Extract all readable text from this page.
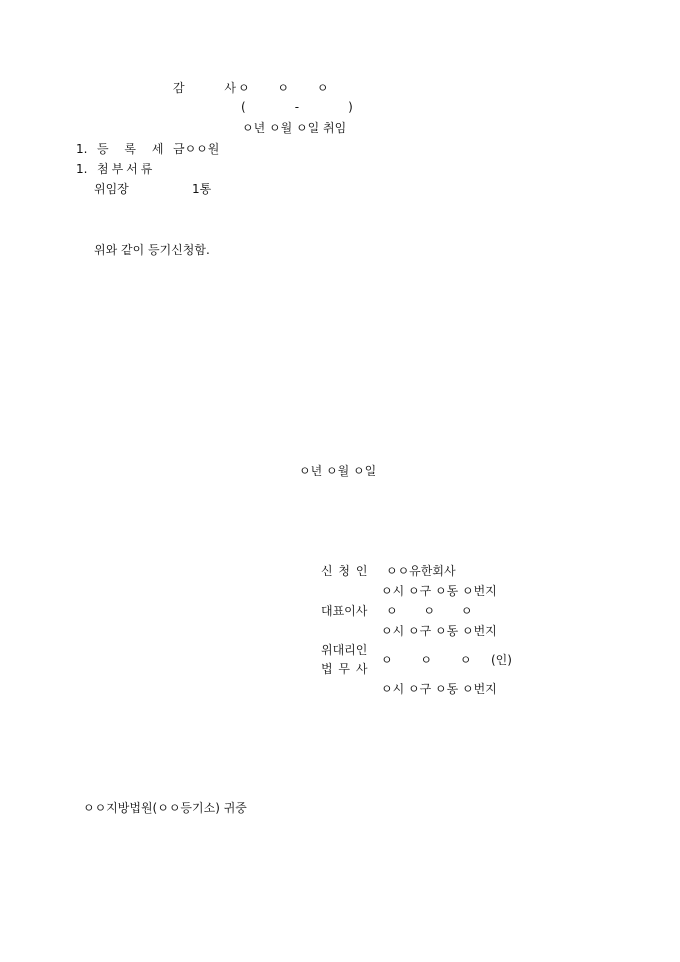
감 사
ㅇ ㅇ ㅇ
(     -     )
ㅇ년 ㅇ월 ㅇ일 취임
1. 등 록 세 금ㅇㅇ원
1. 첨부서류
위임장	1통
위와 같이 등기신청함.
ㅇ년 ㅇ월 ㅇ일
신 청 인 ㅇㅇ유한회사
ㅇ시 ㅇ구 ㅇ동 ㅇ번지
대표이사 ㅇ ㅇ ㅇ
ㅇ시 ㅇ구 ㅇ동 ㅇ번지
위대리인
법 무 사
ㅇ ㅇ ㅇ (인)
ㅇ시 ㅇ구 ㅇ동 ㅇ번지
ㅇㅇ지방법원(ㅇㅇ등기소) 귀중
